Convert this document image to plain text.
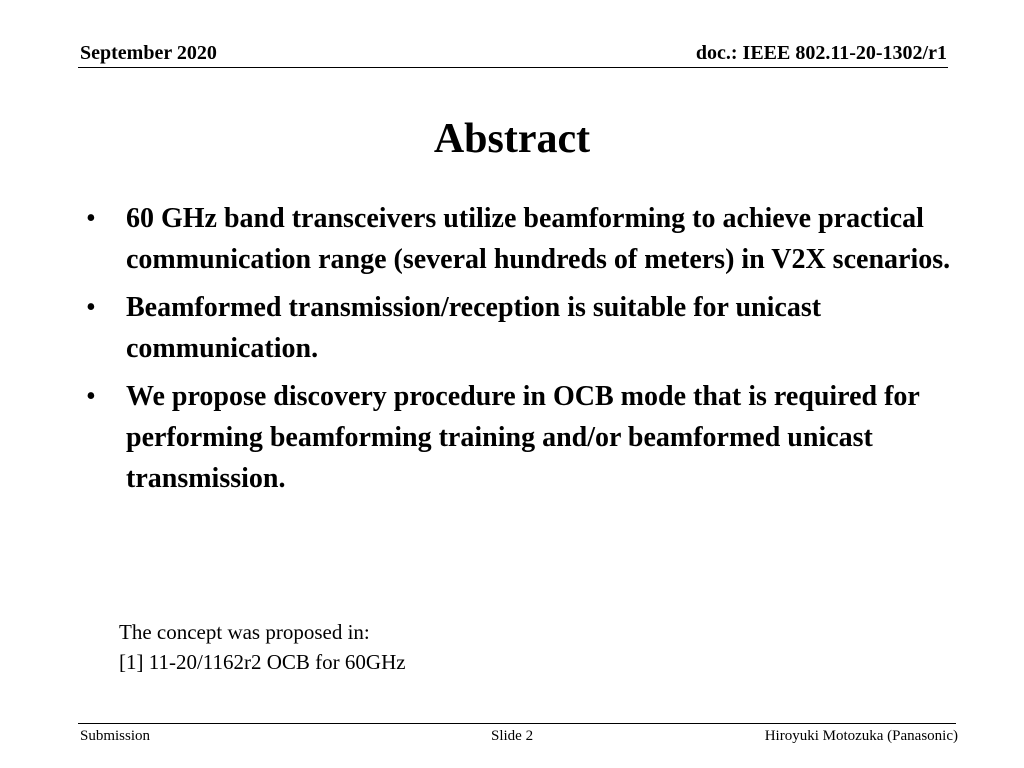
September 2020	doc.: IEEE 802.11-20-1302/r1
Abstract
• 60 GHz band transceivers utilize beamforming to achieve practical communication range (several hundreds of meters) in V2X scenarios.
• Beamformed transmission/reception is suitable for unicast communication.
• We propose discovery procedure in OCB mode that is required for performing beamforming training and/or beamformed unicast transmission.
The concept was proposed in:
[1] 11-20/1162r2 OCB for 60GHz
Submission	Slide 2	Hiroyuki Motozuka (Panasonic)
